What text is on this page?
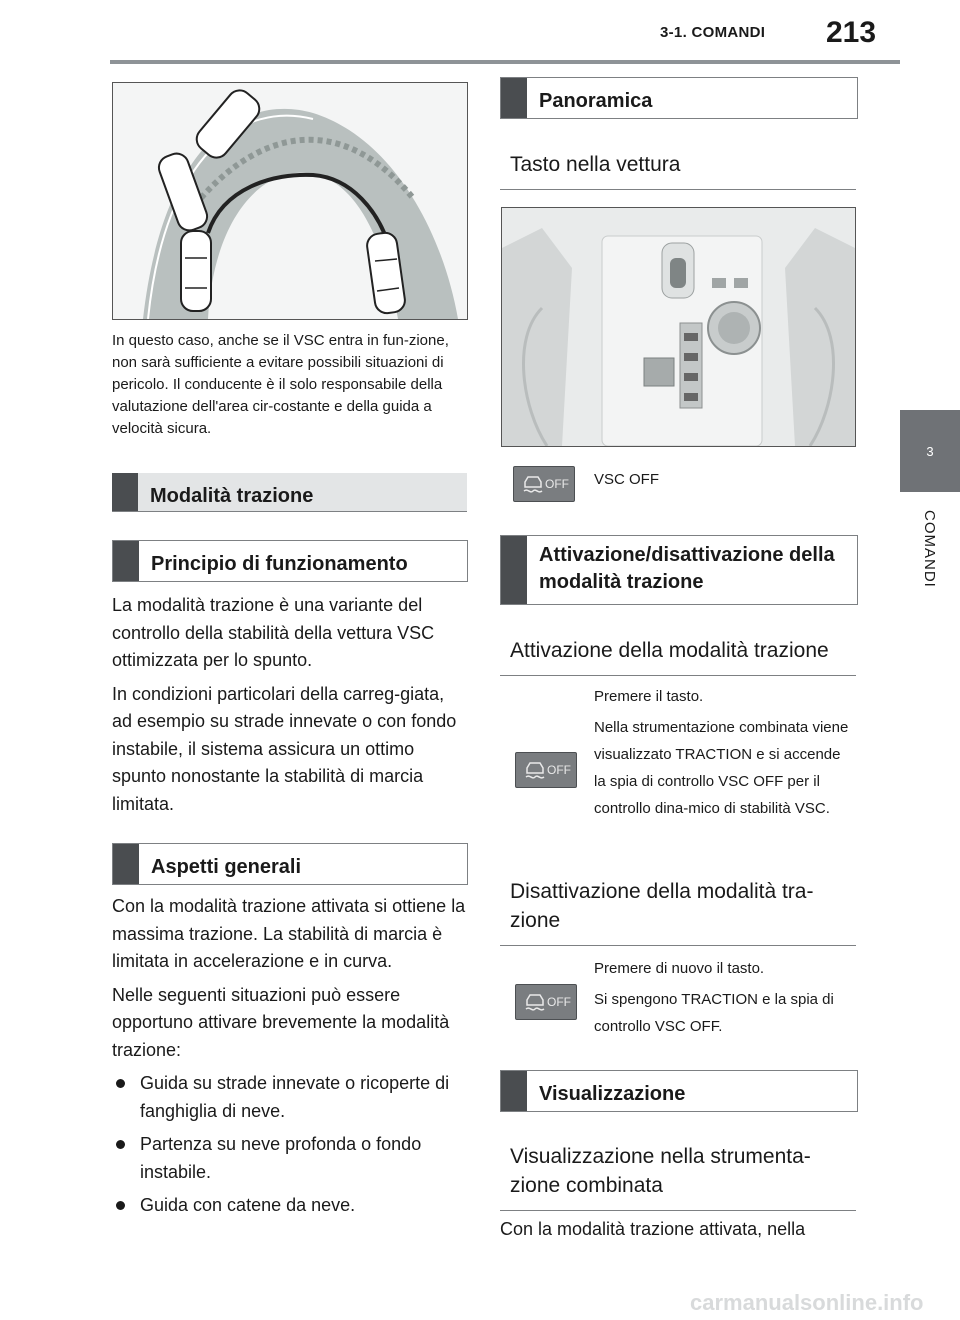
3-1. COMANDI 213
3
COMANDI
In questo caso, anche se il VSC entra in fun-zione, non sarà sufficiente a evitare possibili situazioni di pericolo. Il conducente è il solo responsabile della valutazione dell'area cir-costante e della guida a velocità sicura.
Modalità trazione
Principio di funzionamento

La modalità trazione è una variante del controllo della stabilità della vettura VSC ottimizzata per lo spunto.

In condizioni particolari della carreg-giata, ad esempio su strade innevate o con fondo instabile, il sistema assicura un ottimo spunto nonostante la stabilità di marcia limitata.

Aspetti generali

Con la modalità trazione attivata si ottiene la massima trazione. La stabilità di marcia è limitata in accelerazione e in curva.

Nelle seguenti situazioni può essere opportuno attivare brevemente la modalità trazione:

Guida su strade innevate o ricoperte di fanghiglia di neve.
Partenza su neve profonda o fondo instabile.
Guida con catene da neve.
Panoramica
Tasto nella vettura
OFF VSC OFF
Attivazione/disattivazione della modalità trazione
Attivazione della modalità trazione
OFF
Premere il tasto.
Nella strumentazione combinata viene visualizzato TRACTION e si accende la spia di controllo VSC OFF per il controllo dina-mico di stabilità VSC.
Disattivazione della modalità tra-zione
OFF
Premere di nuovo il tasto.
Si spengono TRACTION e la spia di controllo VSC OFF.
Visualizzazione
Visualizzazione nella strumenta-zione combinata
Con la modalità trazione attivata, nella
carmanualsonline.info
